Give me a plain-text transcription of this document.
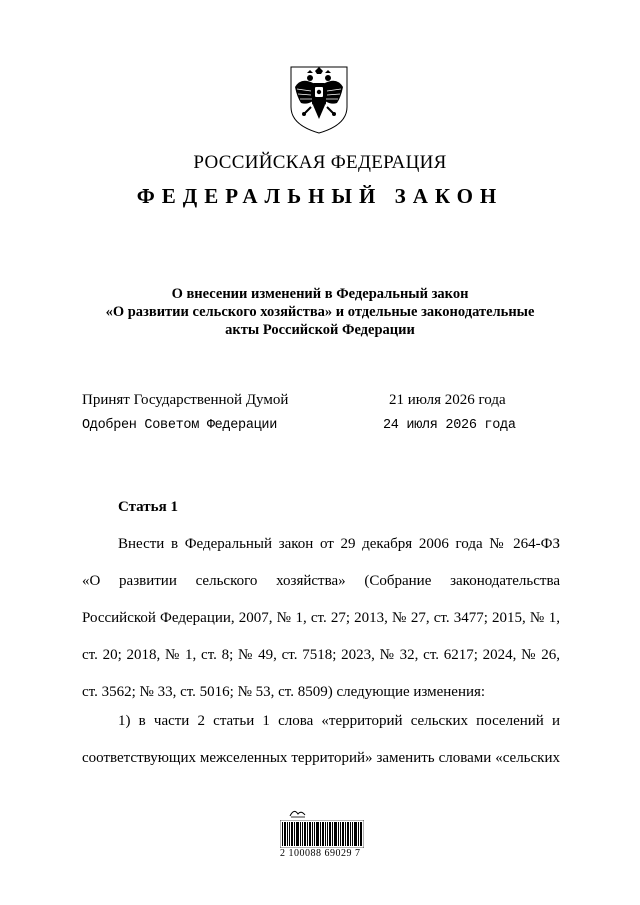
РОССИЙСКАЯ ФЕДЕРАЦИЯ
ФЕДЕРАЛЬНЫЙ ЗАКОН
О внесении изменений в Федеральный закон
«О развитии сельского хозяйства» и отдельные законодательные
акты Российской Федерации
Принят Государственной Думой	21 июля 2026 года
Одобрен Советом Федерации	24 июля 2026 года
Статья 1
Внести в Федеральный закон от 29 декабря 2006 года № 264-ФЗ
«О развитии сельского хозяйства» (Собрание законодательства
Российской Федерации, 2007, № 1, ст. 27; 2013, № 27, ст. 3477; 2015, № 1,
ст. 20; 2018, № 1, ст. 8; № 49, ст. 7518; 2023, № 32, ст. 6217; 2024, № 26,
ст. 3562; № 33, ст. 5016; № 53, ст. 8509) следующие изменения:
1) в части 2 статьи 1 слова «территорий сельских поселений и
соответствующих межселенных территорий» заменить словами «сельских
2 100088 69029 7
